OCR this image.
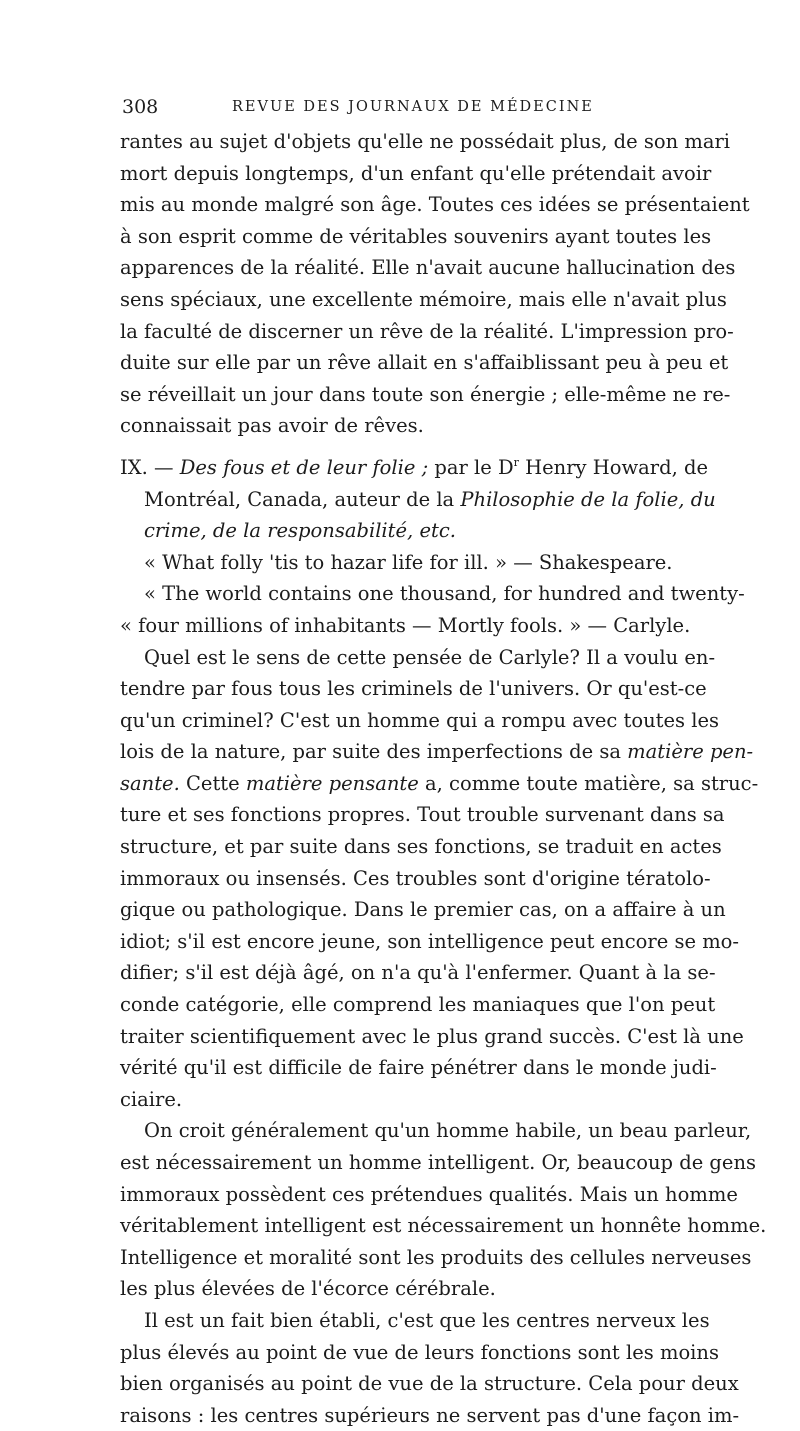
308	REVUE DES JOURNAUX DE MÉDECINE
rantes au sujet d'objets qu'elle ne possédait plus, de son mari
mort depuis longtemps, d'un enfant qu'elle prétendait avoir
mis au monde malgré son âge. Toutes ces idées se présentaient
à son esprit comme de véritables souvenirs ayant toutes les
apparences de la réalité. Elle n'avait aucune hallucination des
sens spéciaux, une excellente mémoire, mais elle n'avait plus
la faculté de discerner un rêve de la réalité. L'impression pro-
duite sur elle par un rêve allait en s'affaiblissant peu à peu et
se réveillait un jour dans toute son énergie ; elle-même ne re-
connaissait pas avoir de rêves.
IX. — Des fous et de leur folie ; par le $D^r$ Henry Howard, de
Montréal, Canada, auteur de la Philosophie de la folie, du
crime, de la responsabilité, etc.
« What folly 'tis to hazar life for ill. » — Shakespeare.
« The world contains one thousand, for hundred and twenty-
« four millions of inhabitants — Mortly fools. » — Carlyle.
Quel est le sens de cette pensée de Carlyle? Il a voulu en-
tendre par fous tous les criminels de l'univers. Or qu'est-ce
qu'un criminel? C'est un homme qui a rompu avec toutes les
lois de la nature, par suite des imperfections de sa matière pen-
sante. Cette matière pensante a, comme toute matière, sa struc-
ture et ses fonctions propres. Tout trouble survenant dans sa
structure, et par suite dans ses fonctions, se traduit en actes
immoraux ou insensés. Ces troubles sont d'origine tératolo-
gique ou pathologique. Dans le premier cas, on a affaire à un
idiot; s'il est encore jeune, son intelligence peut encore se mo-
difier; s'il est déjà âgé, on n'a qu'à l'enfermer. Quant à la se-
conde catégorie, elle comprend les maniaques que l'on peut
traiter scientifiquement avec le plus grand succès. C'est là une
vérité qu'il est difficile de faire pénétrer dans le monde judi-
ciaire.
On croit généralement qu'un homme habile, un beau parleur,
est nécessairement un homme intelligent. Or, beaucoup de gens
immoraux possèdent ces prétendues qualités. Mais un homme
véritablement intelligent est nécessairement un honnête homme.
Intelligence et moralité sont les produits des cellules nerveuses
les plus élevées de l'écorce cérébrale.
Il est un fait bien établi, c'est que les centres nerveux les
plus élevés au point de vue de leurs fonctions sont les moins
bien organisés au point de vue de la structure. Cela pour deux
raisons : les centres supérieurs ne servent pas d'une façon im-
